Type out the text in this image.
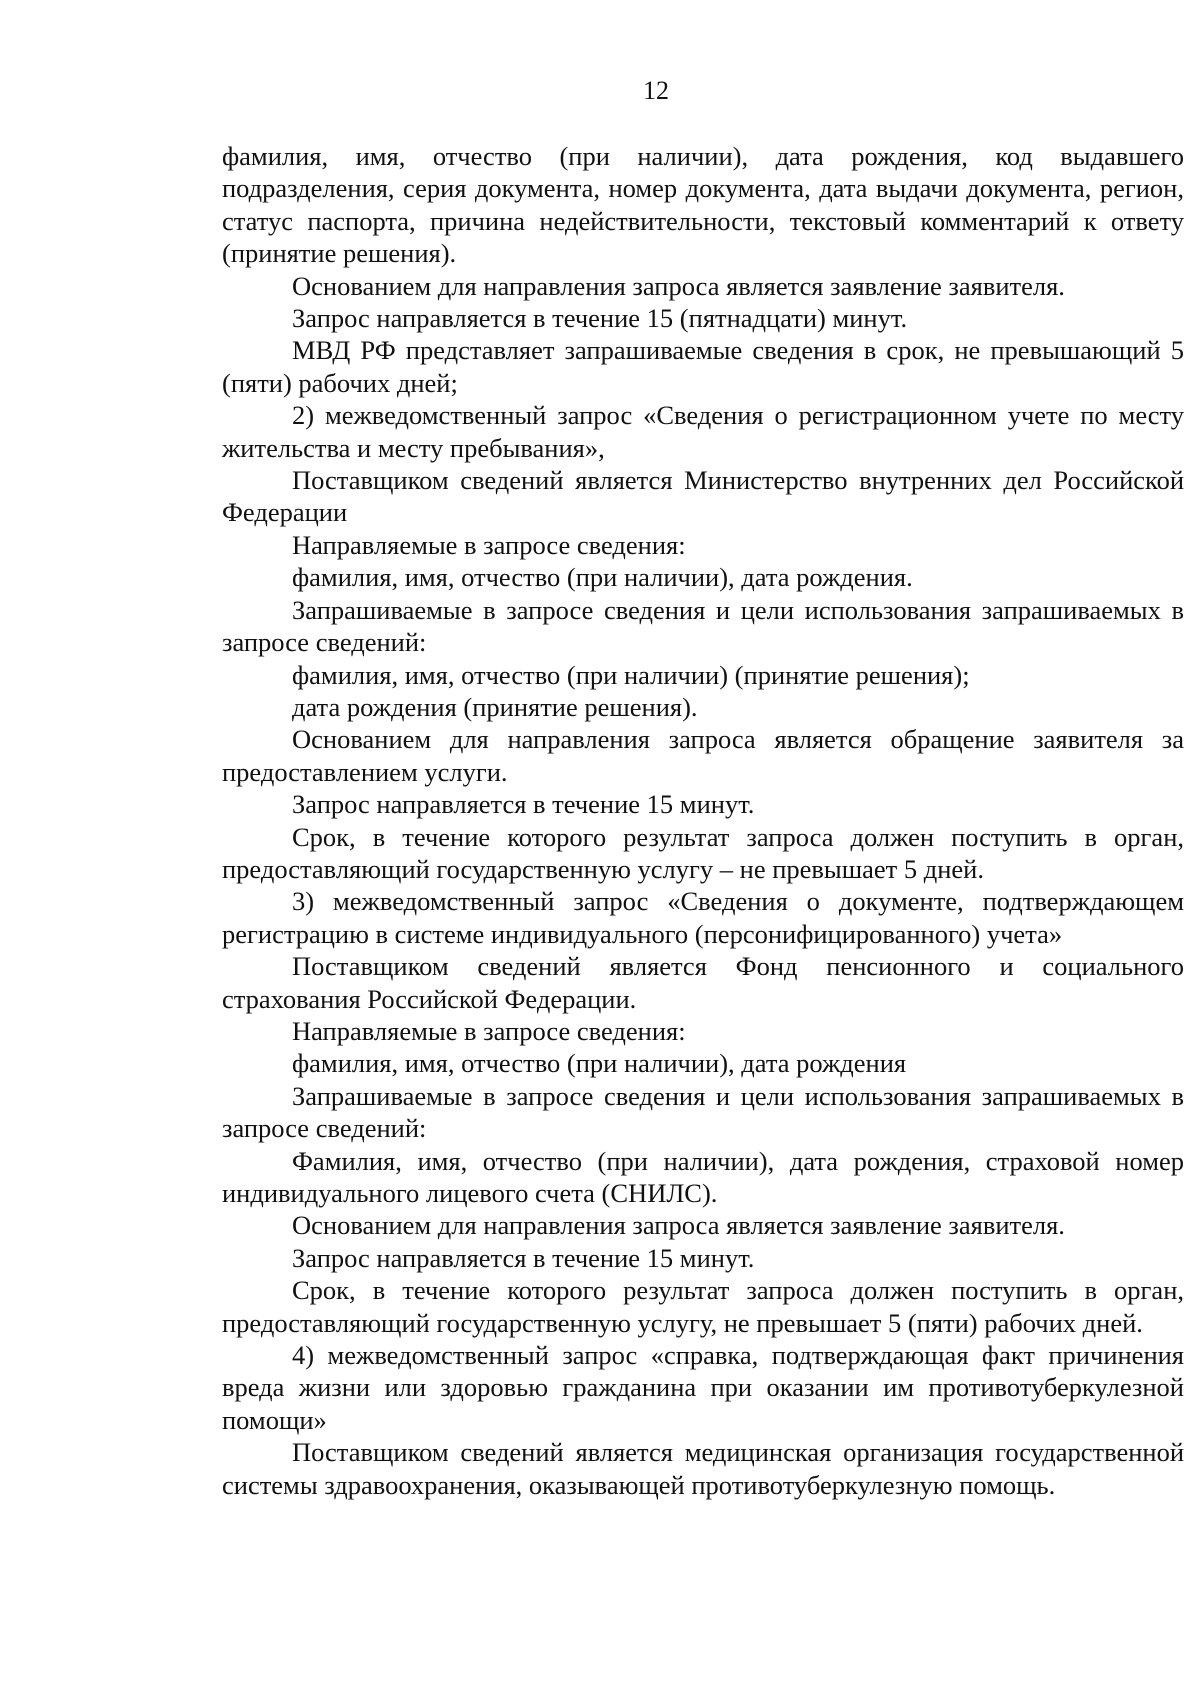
12

фамилия, имя, отчество (при наличии), дата рождения, код выдавшего подразделения, серия документа, номер документа, дата выдачи документа, регион, статус паспорта, причина недействительности, текстовый комментарий к ответу (принятие решения).

Основанием для направления запроса является заявление заявителя.

Запрос направляется в течение 15 (пятнадцати) минут.

МВД РФ представляет запрашиваемые сведения в срок, не превышающий 5 (пяти) рабочих дней;

2) межведомственный запрос «Сведения о регистрационном учете по месту жительства и месту пребывания»,

Поставщиком сведений является Министерство внутренних дел Российской Федерации

Направляемые в запросе сведения:

фамилия, имя, отчество (при наличии), дата рождения.

Запрашиваемые в запросе сведения и цели использования запрашиваемых в запросе сведений:

фамилия, имя, отчество (при наличии) (принятие решения);

дата рождения (принятие решения).

Основанием для направления запроса является обращение заявителя за предоставлением услуги.

Запрос направляется в течение 15 минут.

Срок, в течение которого результат запроса должен поступить в орган, предоставляющий государственную услугу – не превышает 5 дней.

3) межведомственный запрос «Сведения о документе, подтверждающем регистрацию в системе индивидуального (персонифицированного) учета»

Поставщиком сведений является Фонд пенсионного и социального страхования Российской Федерации.

Направляемые в запросе сведения:

фамилия, имя, отчество (при наличии), дата рождения

Запрашиваемые в запросе сведения и цели использования запрашиваемых в запросе сведений:

Фамилия, имя, отчество (при наличии), дата рождения, страховой номер индивидуального лицевого счета (СНИЛС).

Основанием для направления запроса является заявление заявителя.

Запрос направляется в течение 15 минут.

Срок, в течение которого результат запроса должен поступить в орган, предоставляющий государственную услугу, не превышает 5 (пяти) рабочих дней.

4) межведомственный запрос «справка, подтверждающая факт причинения вреда жизни или здоровью гражданина при оказании им противотуберкулезной помощи»

Поставщиком сведений является медицинская организация государственной системы здравоохранения, оказывающей противотуберкулезную помощь.
